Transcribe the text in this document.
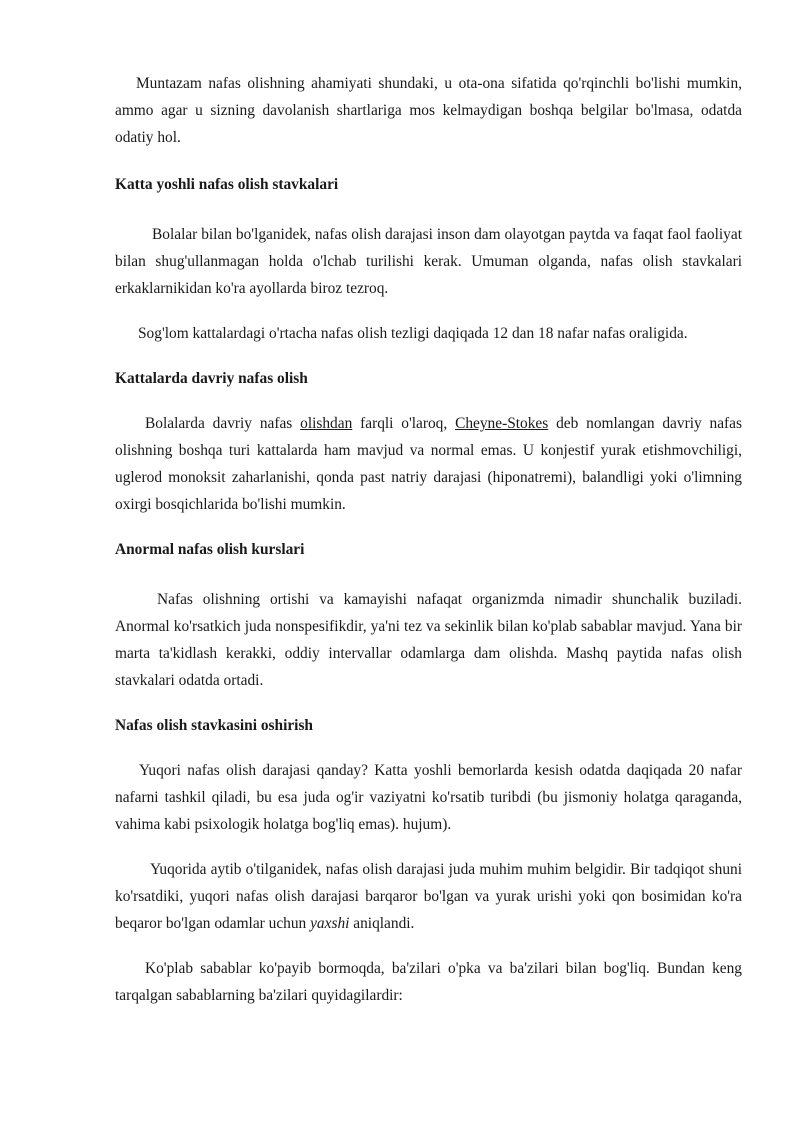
Muntazam nafas olishning ahamiyati shundaki, u ota-ona sifatida qo'rqinchli bo'lishi mumkin, ammo agar u sizning davolanish shartlariga mos kelmaydigan boshqa belgilar bo'lmasa, odatda odatiy hol.

Katta yoshli nafas olish stavkalari

Bolalar bilan bo'lganidek, nafas olish darajasi inson dam olayotgan paytda va faqat faol faoliyat bilan shug'ullanmagan holda o'lchab turilishi kerak. Umuman olganda, nafas olish stavkalari erkaklarnikidan ko'ra ayollarda biroz tezroq.

Sog'lom kattalardagi o'rtacha nafas olish tezligi daqiqada 12 dan 18 nafar nafas oraligida.

Kattalarda davriy nafas olish

Bolalarda davriy nafas olishdan farqli o'laroq, Cheyne-Stokes deb nomlangan davriy nafas olishning boshqa turi kattalarda ham mavjud va normal emas. U konjestif yurak etishmovchiligi, uglerod monoksit zaharlanishi, qonda past natriy darajasi (hiponatremi), balandligi yoki o'limning oxirgi bosqichlarida bo'lishi mumkin.

Anormal nafas olish kurslari

Nafas olishning ortishi va kamayishi nafaqat organizmda nimadir shunchalik buziladi. Anormal ko'rsatkich juda nonspesifikdir, ya'ni tez va sekinlik bilan ko'plab sabablar mavjud. Yana bir marta ta'kidlash kerakki, oddiy intervallar odamlarga dam olishda. Mashq paytida nafas olish stavkalari odatda ortadi.

Nafas olish stavkasini oshirish

Yuqori nafas olish darajasi qanday? Katta yoshli bemorlarda kesish odatda daqiqada 20 nafar nafarni tashkil qiladi, bu esa juda og'ir vaziyatni ko'rsatib turibdi (bu jismoniy holatga qaraganda, vahima kabi psixologik holatga bog'liq emas). hujum).

Yuqorida aytib o'tilganidek, nafas olish darajasi juda muhim muhim belgidir. Bir tadqiqot shuni ko'rsatdiki, yuqori nafas olish darajasi barqaror bo'lgan va yurak urishi yoki qon bosimidan ko'ra beqaror bo'lgan odamlar uchun yaxshi aniqlandi.

Ko'plab sabablar ko'payib bormoqda, ba'zilari o'pka va ba'zilari bilan bog'liq. Bundan keng tarqalgan sabablarning ba'zilari quyidagilardir:
